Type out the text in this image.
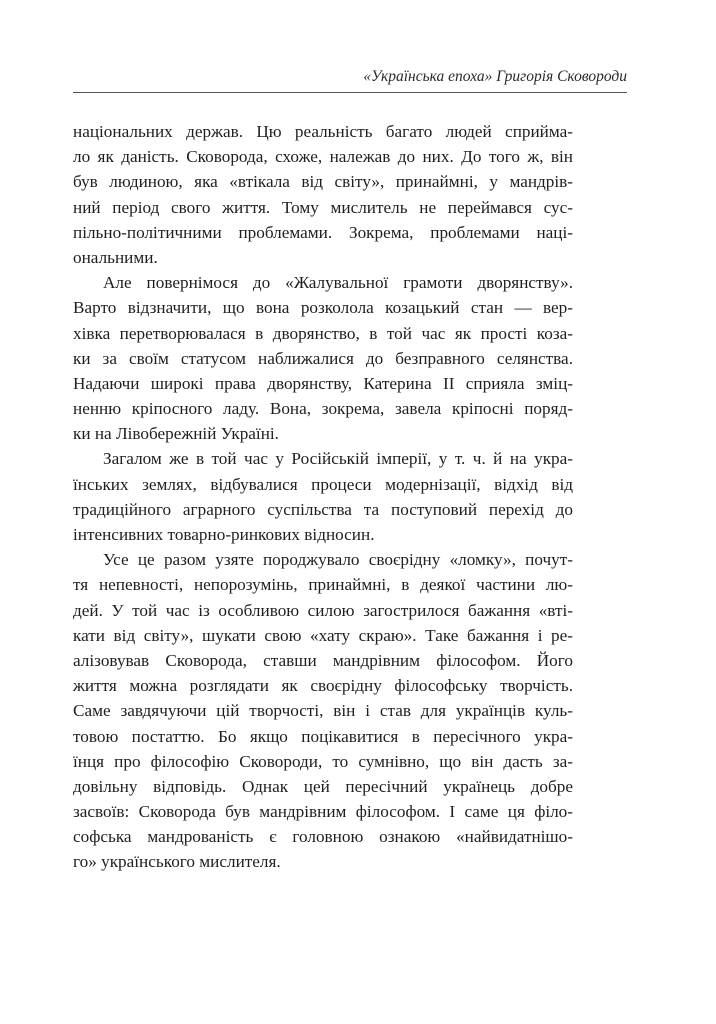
«Українська епоха» Григорія Сковороди
національних держав. Цю реальність багато людей сприйма-
ло як даність. Сковорода, схоже, належав до них. До того ж, він
був людиною, яка «втікала від світу», принаймні, у мандрів-
ний період свого життя. Тому мислитель не переймався сус-
пільно-політичними проблемами. Зокрема, проблемами наці-
ональними.
Але повернімося до «Жалувальної грамоти дворянству».
Варто відзначити, що вона розколола козацький стан — вер-
хівка перетворювалася в дворянство, в той час як прості коза-
ки за своїм статусом наближалися до безправного селянства.
Надаючи широкі права дворянству, Катерина II сприяла зміц-
ненню кріпосного ладу. Вона, зокрема, завела кріпосні поряд-
ки на Лівобережній Україні.
Загалом же в той час у Російській імперії, у т. ч. й на укра-
їнських землях, відбувалися процеси модернізації, відхід від
традиційного аграрного суспільства та поступовий перехід до
інтенсивних товарно-ринкових відносин.
Усе це разом узяте породжувало своєрідну «ломку», почут-
тя непевності, непорозумінь, принаймні, в деякої частини лю-
дей. У той час із особливою силою загострилося бажання «вті-
кати від світу», шукати свою «хату скраю». Таке бажання і ре-
алізовував Сковорода, ставши мандрівним філософом. Його
життя можна розглядати як своєрідну філософську творчість.
Саме завдячуючи цій творчості, він і став для українців куль-
товою постаттю. Бо якщо поцікавитися в пересічного укра-
їнця про філософію Сковороди, то сумнівно, що він дасть за-
довільну відповідь. Однак цей пересічний українець добре
засвоїв: Сковорода був мандрівним філософом. І саме ця філо-
софська мандрованість є головною ознакою «найвидатнішо-
го» українського мислителя.
